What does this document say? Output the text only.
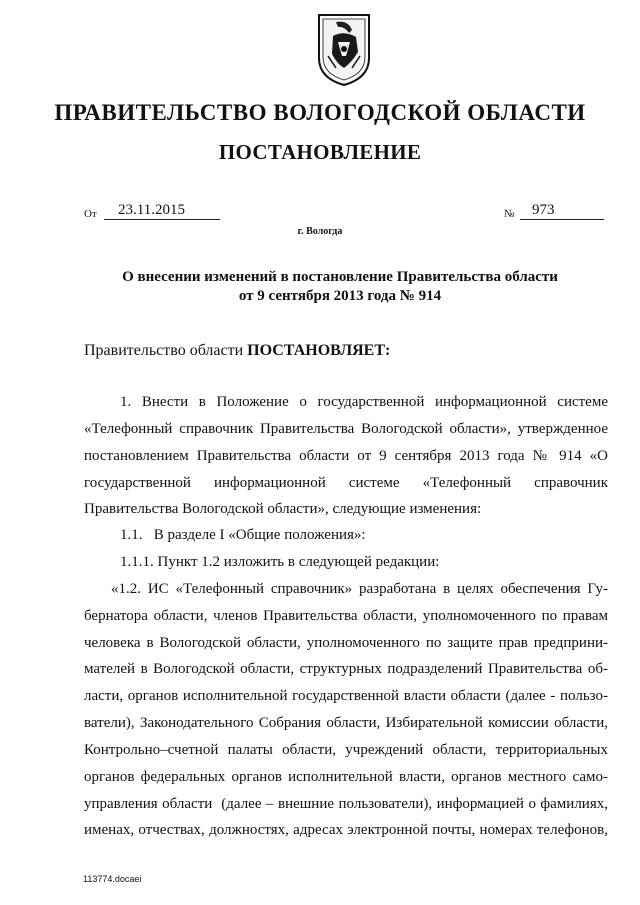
ПРАВИТЕЛЬСТВО ВОЛОГОДСКОЙ ОБЛАСТИ
ПОСТАНОВЛЕНИЕ
От 23.11.2015	№ 973
г. Вологда
О внесении изменений в постановление Правительства области
от 9 сентября 2013 года № 914
Правительство области ПОСТАНОВЛЯЕТ:
1. Внести в Положение о государственной информационной системе
«Телефонный справочник Правительства Вологодской области», утвержденное
постановлением Правительства области от 9 сентября 2013 года № 914 «О
государственной информационной системе «Телефонный справочник
Правительства Вологодской области», следующие изменения:
1.1.   В разделе I «Общие положения»:
1.1.1. Пункт 1.2 изложить в следующей редакции:
«1.2. ИС «Телефонный справочник» разработана в целях обеспечения Гу-
бернатора области, членов Правительства области, уполномоченного по правам
человека в Вологодской области, уполномоченного по защите прав предприни-
мателей в Вологодской области, структурных подразделений Правительства об-
ласти, органов исполнительной государственной власти области (далее - пользо-
ватели), Законодательного Собрания области, Избирательной комиссии области,
Контрольно–счетной палаты области, учреждений области, территориальных
органов федеральных органов исполнительной власти, органов местного само-
управления области  (далее – внешние пользователи), информацией о фамилиях,
именах, отчествах, должностях, адресах электронной почты, номерах телефонов,
113774.docaei
